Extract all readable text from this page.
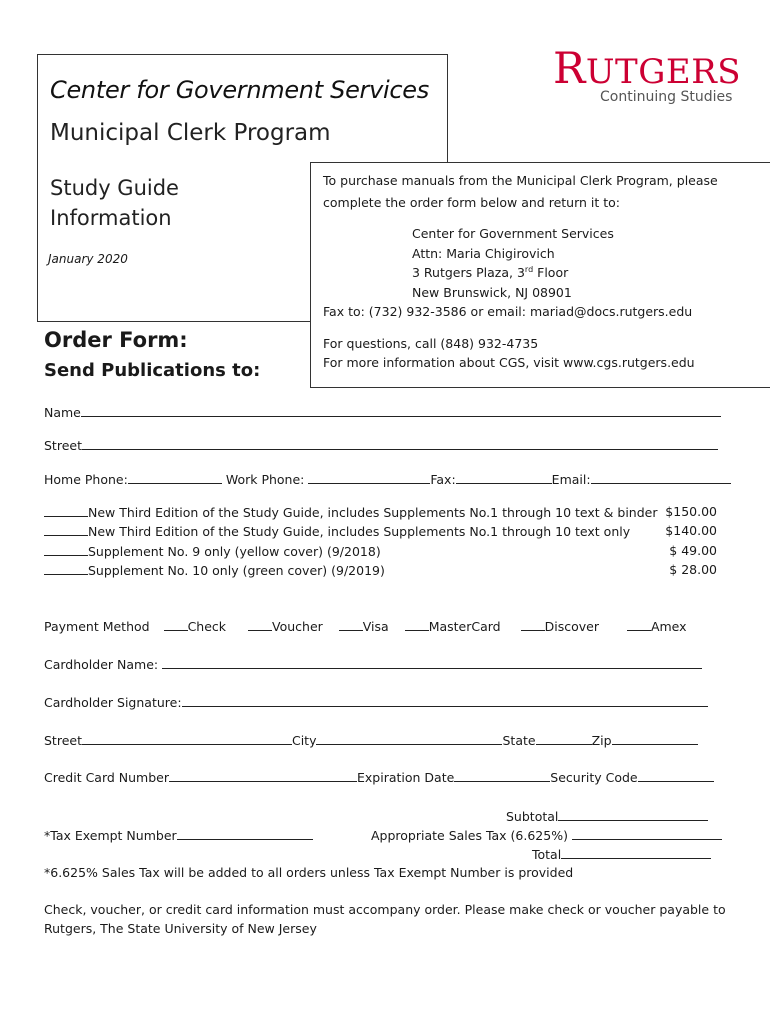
Center for Government Services
Municipal Clerk Program
Study Guide Information
January 2020
RUTGERS
Continuing Studies
To purchase manuals from the Municipal Clerk Program, please
complete the order form below and return it to:
Center for Government Services
Attn: Maria Chigirovich
3 Rutgers Plaza, 3rd Floor
New Brunswick, NJ 08901
Fax to: (732) 932-3586 or email: mariad@docs.rutgers.edu
For questions, call (848) 932-4735
For more information about CGS, visit www.cgs.rutgers.edu
Order Form:
Send Publications to:
Name
Street
Home Phone:	Work Phone:	Fax:	Email:
New Third Edition of the Study Guide, includes Supplements No.1 through 10 text & binder $150.00
New Third Edition of the Study Guide, includes Supplements No.1 through 10 text only	$140.00
Supplement No. 9 only (yellow cover) (9/2018)	$ 49.00
Supplement No. 10 only (green cover) (9/2019)	$ 28.00
Payment Method	Check	Voucher	Visa	MasterCard	Discover	Amex
Cardholder Name:
Cardholder Signature:
Street	City	State	Zip
Credit Card Number	Expiration Date	Security Code
Subtotal
*Tax Exempt Number	Appropriate Sales Tax (6.625%)
Total
*6.625% Sales Tax will be added to all orders unless Tax Exempt Number is provided
Check, voucher, or credit card information must accompany order. Please make check or voucher payable to
Rutgers, The State University of New Jersey
